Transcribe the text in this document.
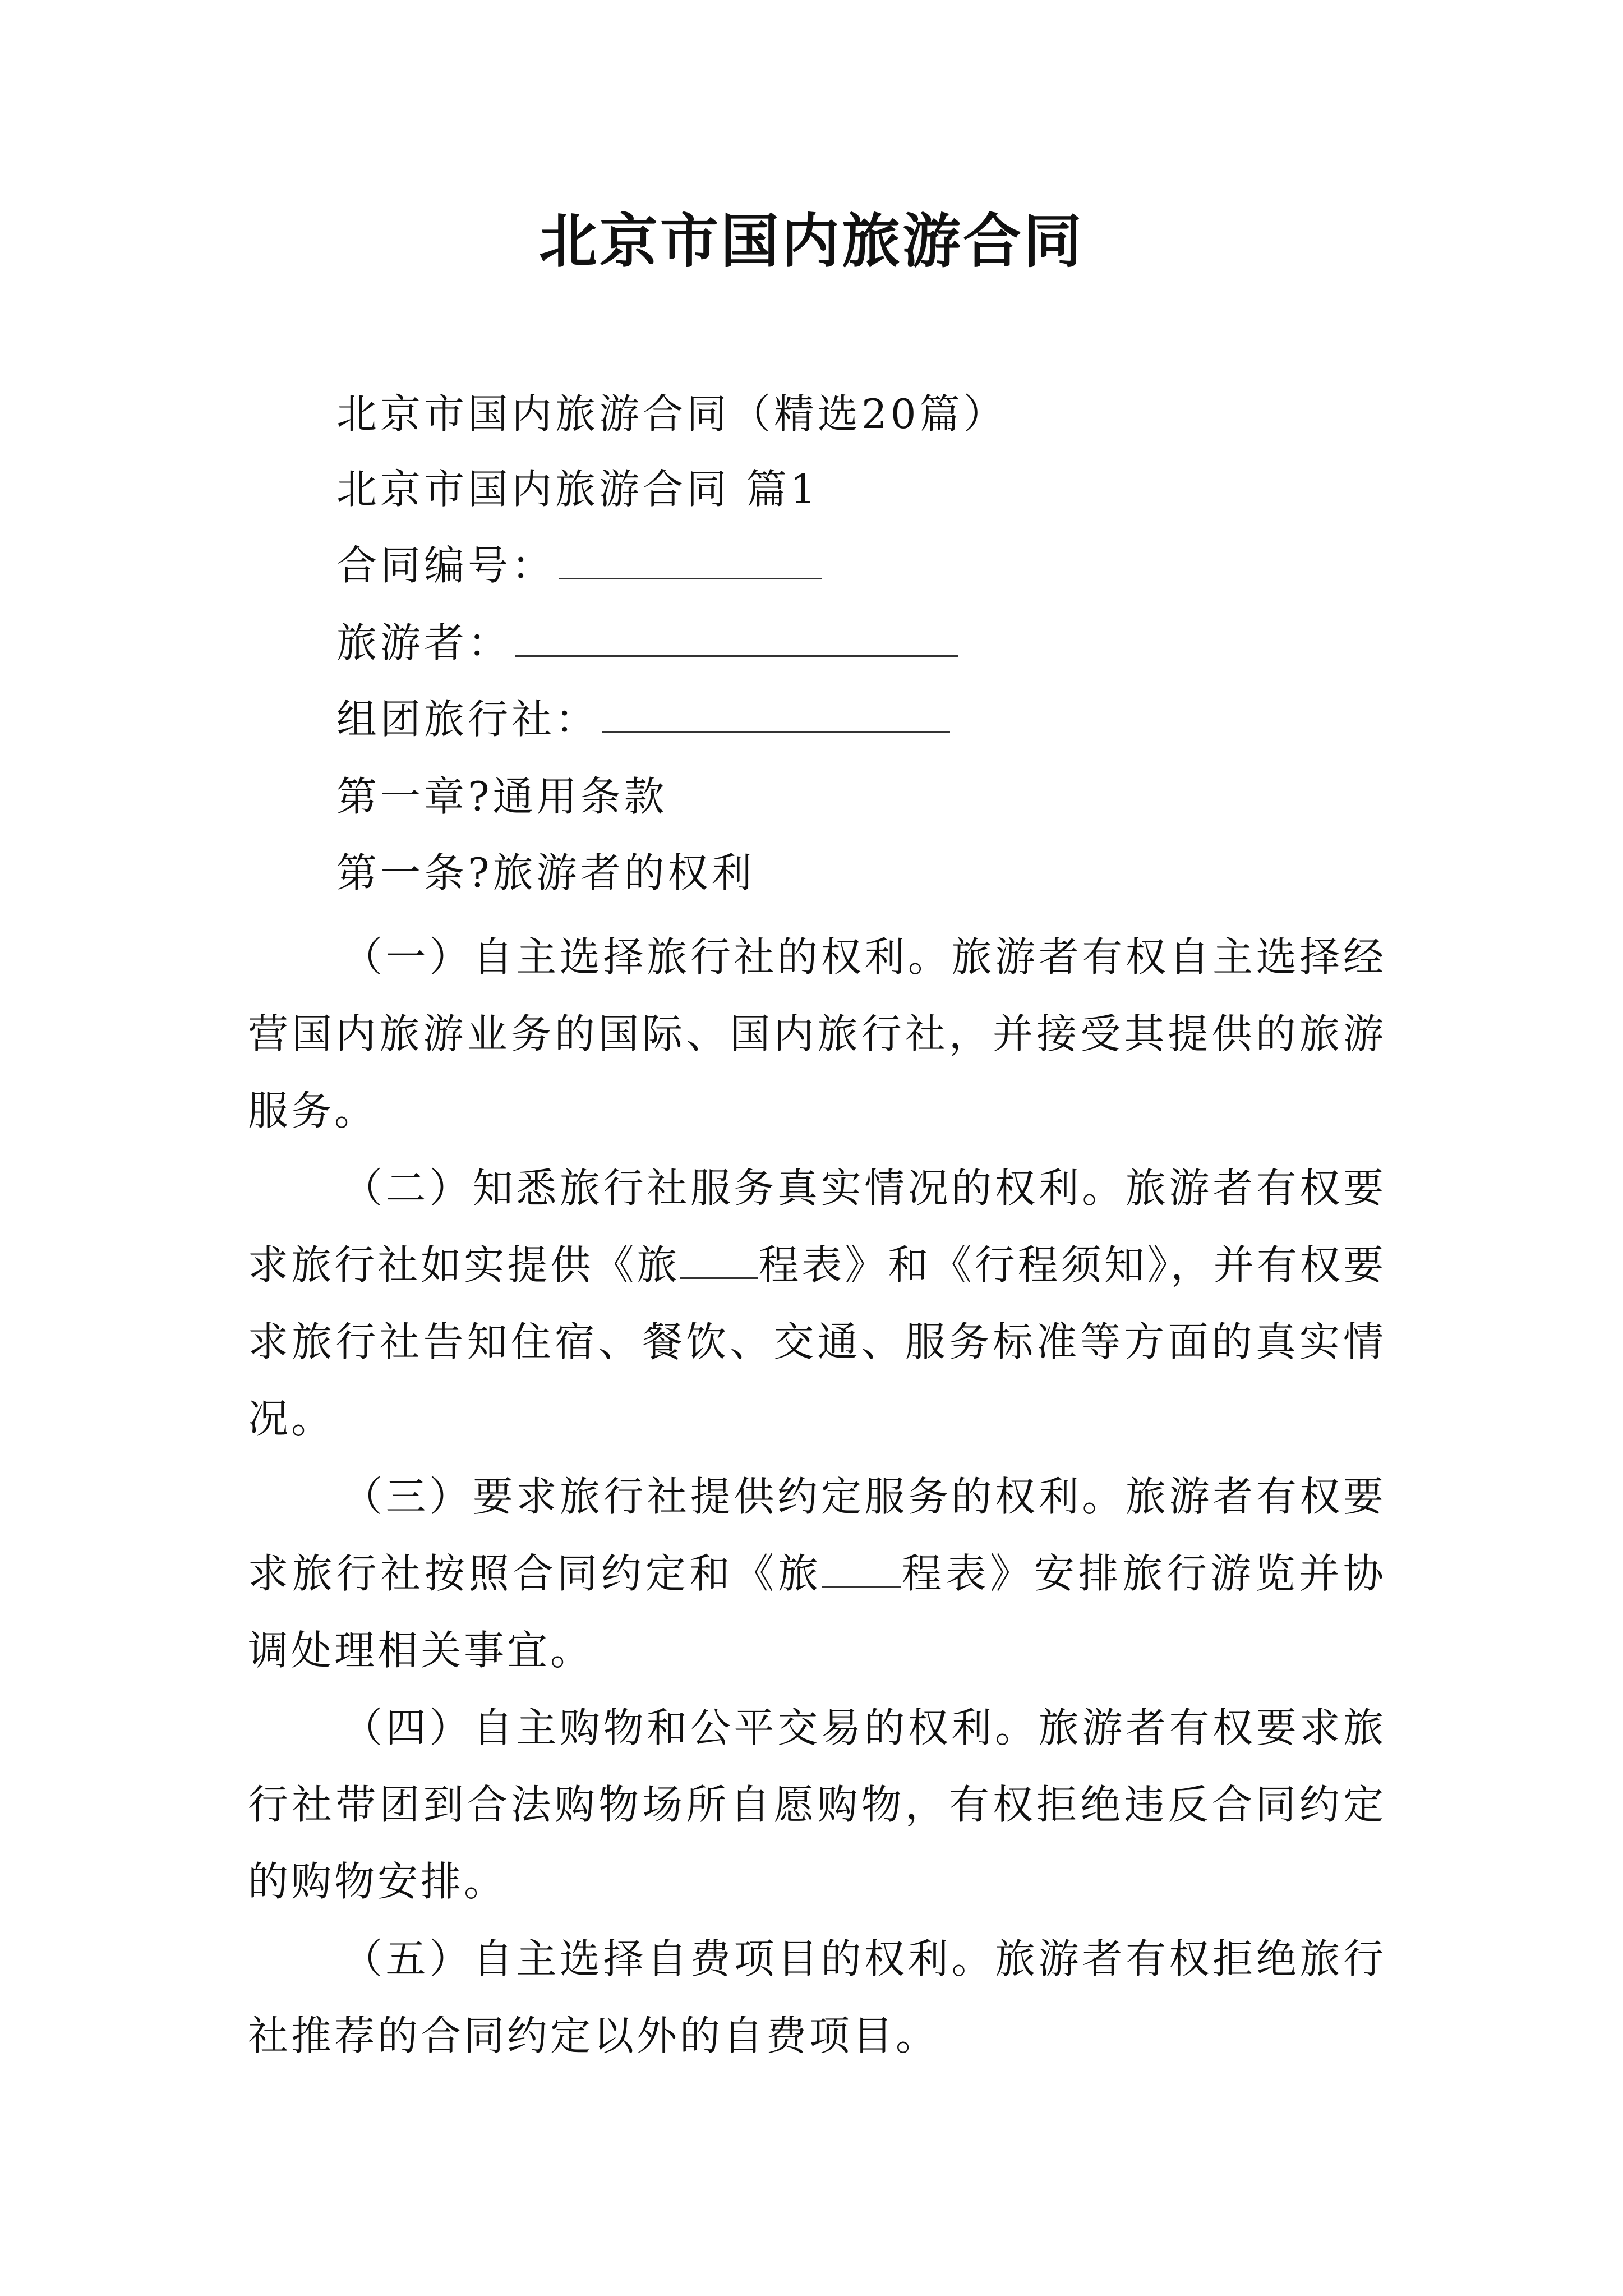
北京市国内旅游合同
北京市国内旅游合同（精选20篇）
北京市国内旅游合同 篇1
合同编号：
旅游者：
组团旅行社：
第一章?通用条款
第一条?旅游者的权利
（一）自主选择旅行社的权利。旅游者有权自主选择经营国内旅游业务的国际、国内旅行社，并接受其提供的旅游服务。
（二）知悉旅行社服务真实情况的权利。旅游者有权要求旅行社如实提供《旅 程表》和《行程须知》，并有权要求旅行社告知住宿、餐饮、交通、服务标准等方面的真实情况。
（三）要求旅行社提供约定服务的权利。旅游者有权要求旅行社按照合同约定和《旅 程表》安排旅行游览并协调处理相关事宜。
（四）自主购物和公平交易的权利。旅游者有权要求旅行社带团到合法购物场所自愿购物，有权拒绝违反合同约定的购物安排。
（五）自主选择自费项目的权利。旅游者有权拒绝旅行社推荐的合同约定以外的自费项目。
